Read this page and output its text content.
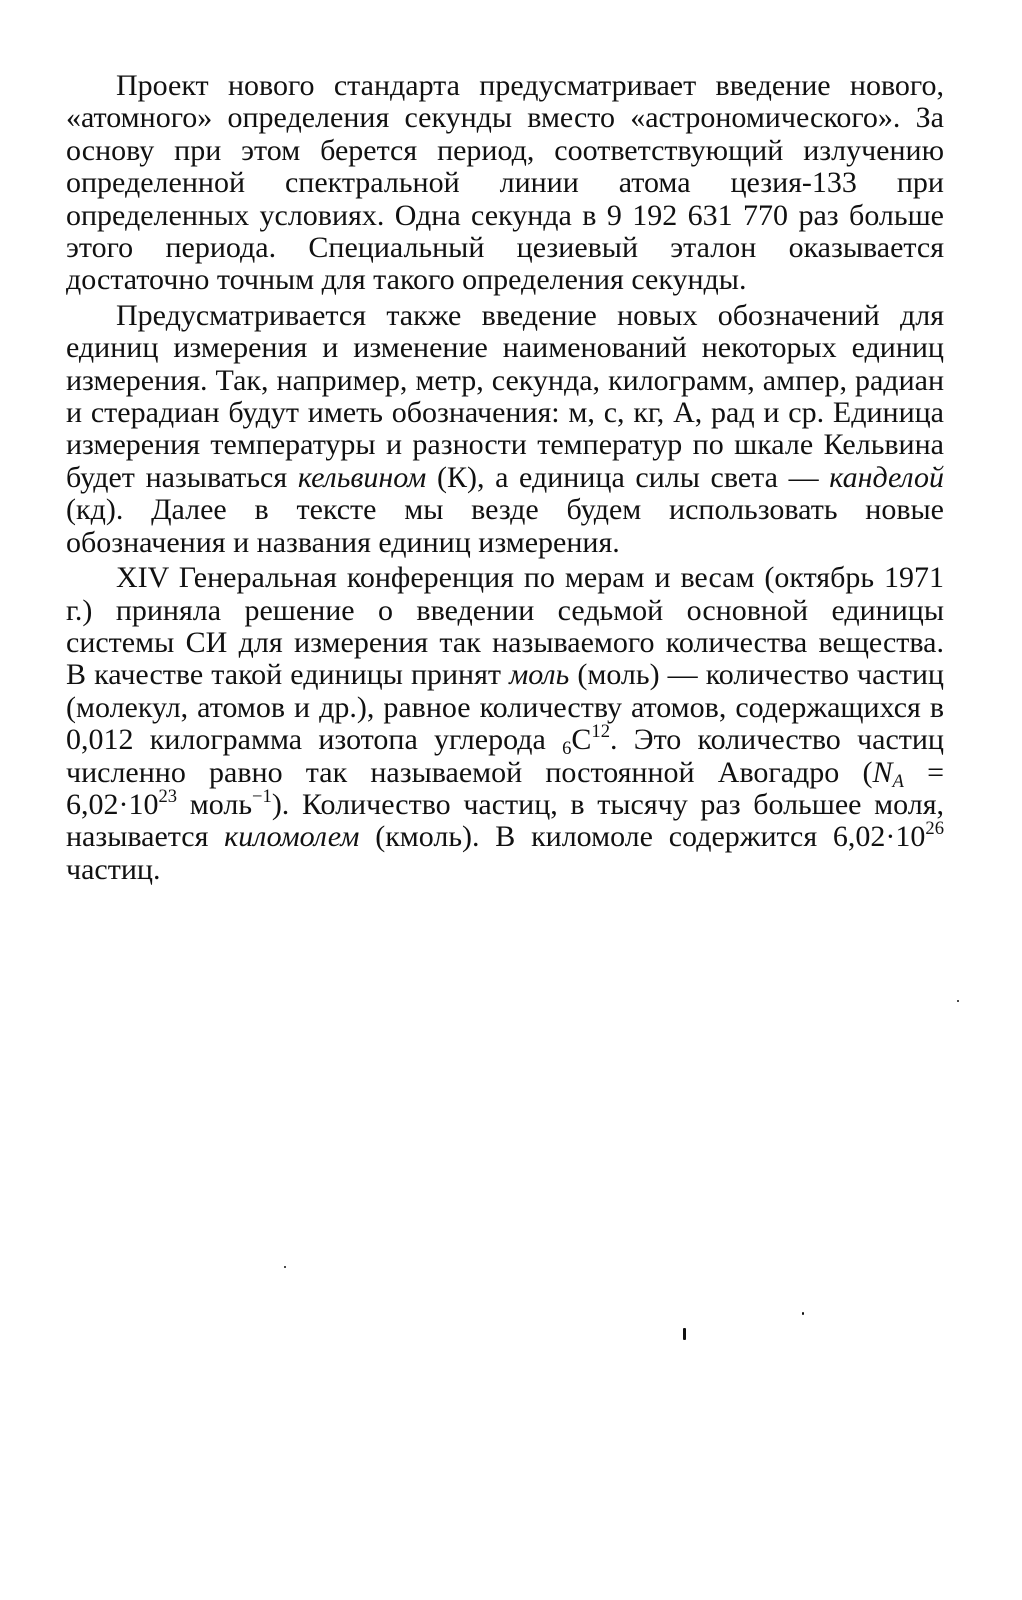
Проект нового стандарта предусматривает введение нового, «атомного» определения секунды вместо «астрономического». За основу при этом берется период, соответствующий излучению определенной спектральной линии атома цезия-133 при определенных условиях. Одна секунда в 9 192 631 770 раз больше этого периода. Специальный цезиевый эталон оказывается достаточно точным для такого определения секунды.

Предусматривается также введение новых обозначений для единиц измерения и изменение наименований некоторых единиц измерения. Так, например, метр, секунда, килограмм, ампер, радиан и стерадиан будут иметь обозначения: м, с, кг, А, рад и ср. Единица измерения температуры и разности температур по шкале Кельвина будет называться кельвином (К), а единица силы света — канделой (кд). Далее в тексте мы везде будем использовать новые обозначения и названия единиц измерения.

XIV Генеральная конференция по мерам и весам (октябрь 1971 г.) приняла решение о введении седьмой основной единицы системы СИ для измерения так называемого количества вещества. В качестве такой единицы принят моль (моль) — количество частиц (молекул, атомов и др.), равное количеству атомов, содержащихся в 0,012 килограмма изотопа углерода $_6C^{12}$. Это количество частиц численно равно так называемой постоянной Авогадро ($N_A = 6,02\cdot 10^{23}$ моль$^{-1}$). Количество частиц, в тысячу раз большее моля, называется киломолем (кмоль). В киломоле содержится $6,02\cdot 10^{26}$ частиц.
